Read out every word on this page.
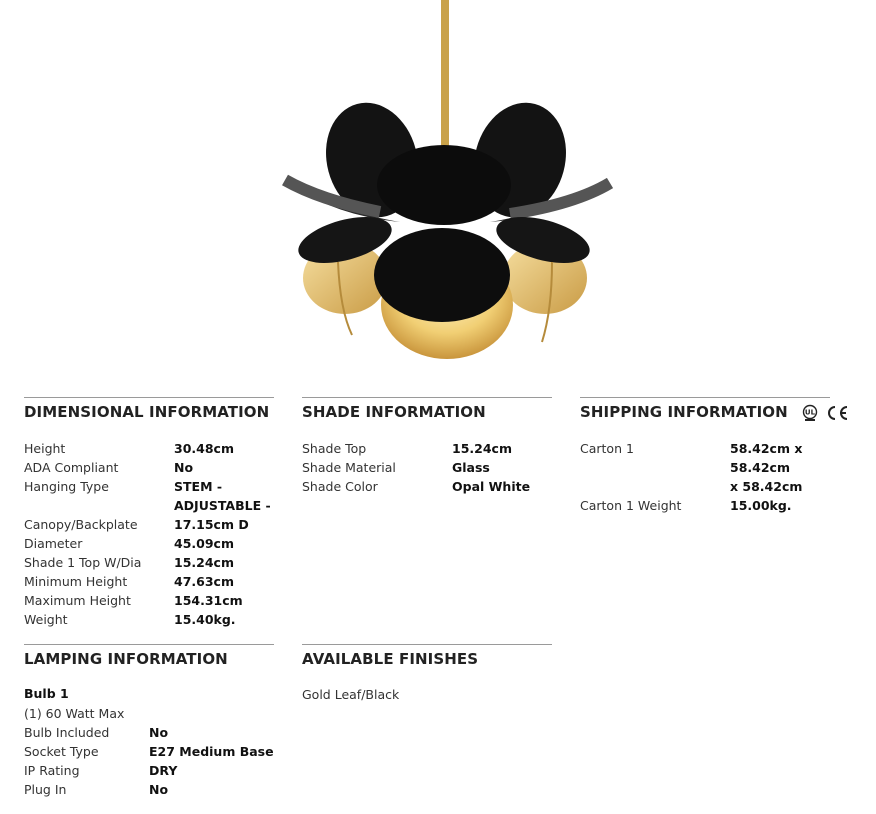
DIMENSIONAL INFORMATION
Height	30.48cm
ADA Compliant	No
Hanging Type	STEM -
ADJUSTABLE -
Canopy/Backplate	17.15cm D
Diameter	45.09cm
Shade 1 Top W/Dia	15.24cm
Minimum Height	47.63cm
Maximum Height	154.31cm
Weight	15.40kg.
SHADE INFORMATION
Shade Top	15.24cm
Shade Material	Glass
Shade Color	Opal White
SHIPPING INFORMATION UL
Carton 1	58.42cm x 58.42cm
x 58.42cm
Carton 1 Weight	15.00kg.
LAMPING INFORMATION
Bulb 1
(1) 60 Watt Max
Bulb Included	No
Socket Type	E27 Medium Base
IP Rating	DRY
Plug In	No
AVAILABLE FINISHES
Gold Leaf/Black
